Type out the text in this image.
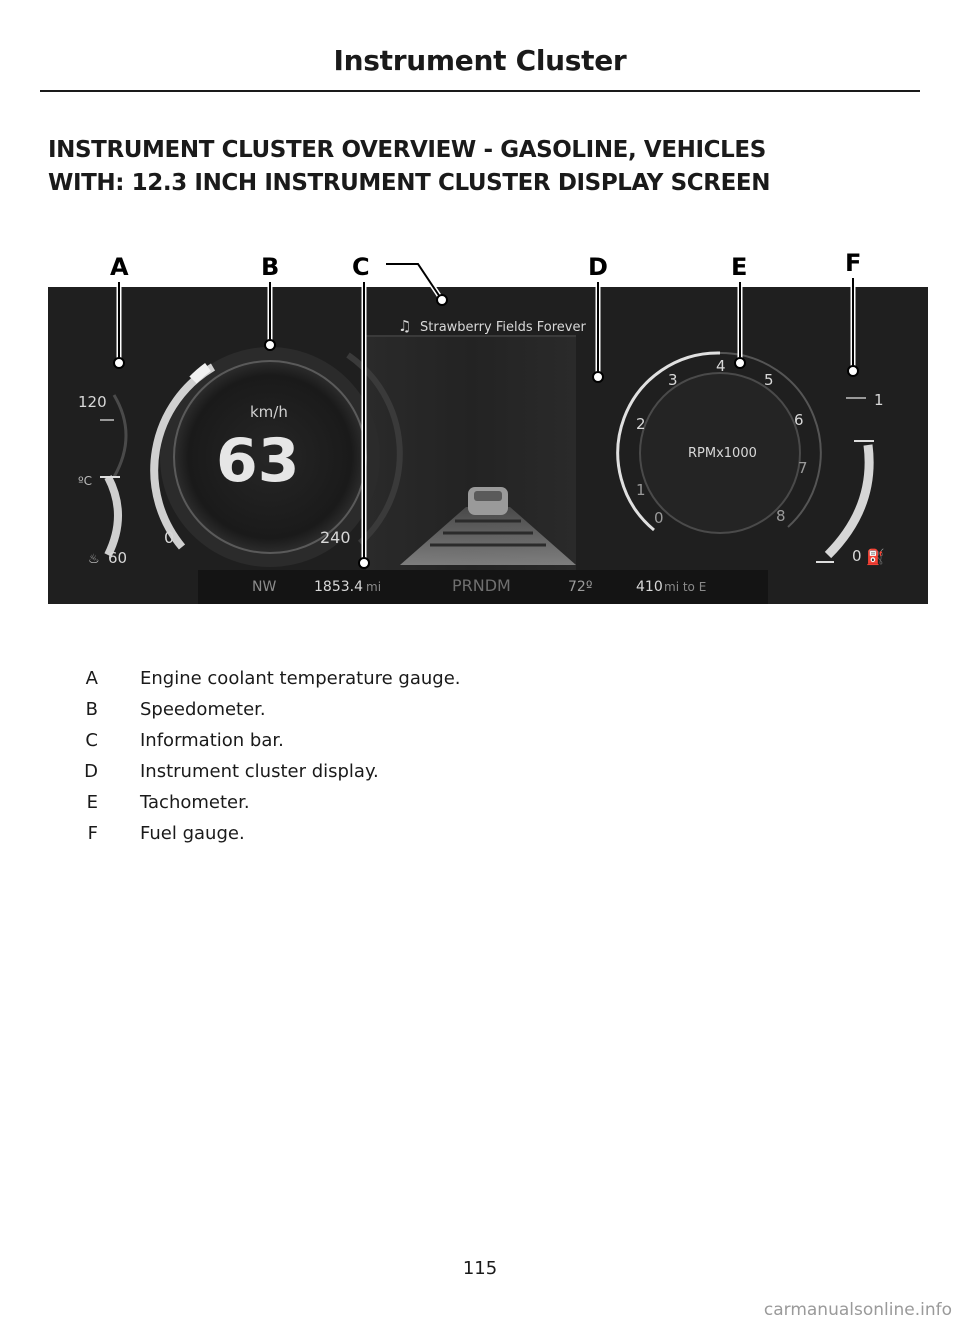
Instrument Cluster
INSTRUMENT CLUSTER OVERVIEW - GASOLINE, VEHICLES
WITH: 12.3 INCH INSTRUMENT CLUSTER DISPLAY SCREEN
120
ºC
♨ 60
km/h
63
0	240
♫ Strawberry Fields Forever
RPMx1000
0
1
2
3
4
5
6
7
8
1
0 ⛽
NW	1853.4 mi	PRNDM	72º	410 mi to E
A	B	C	D	E	F
A Engine coolant temperature gauge.
B Speedometer.
C Information bar.
D Instrument cluster display.
E Tachometer.
F Fuel gauge.
115
carmanualsonline.info
